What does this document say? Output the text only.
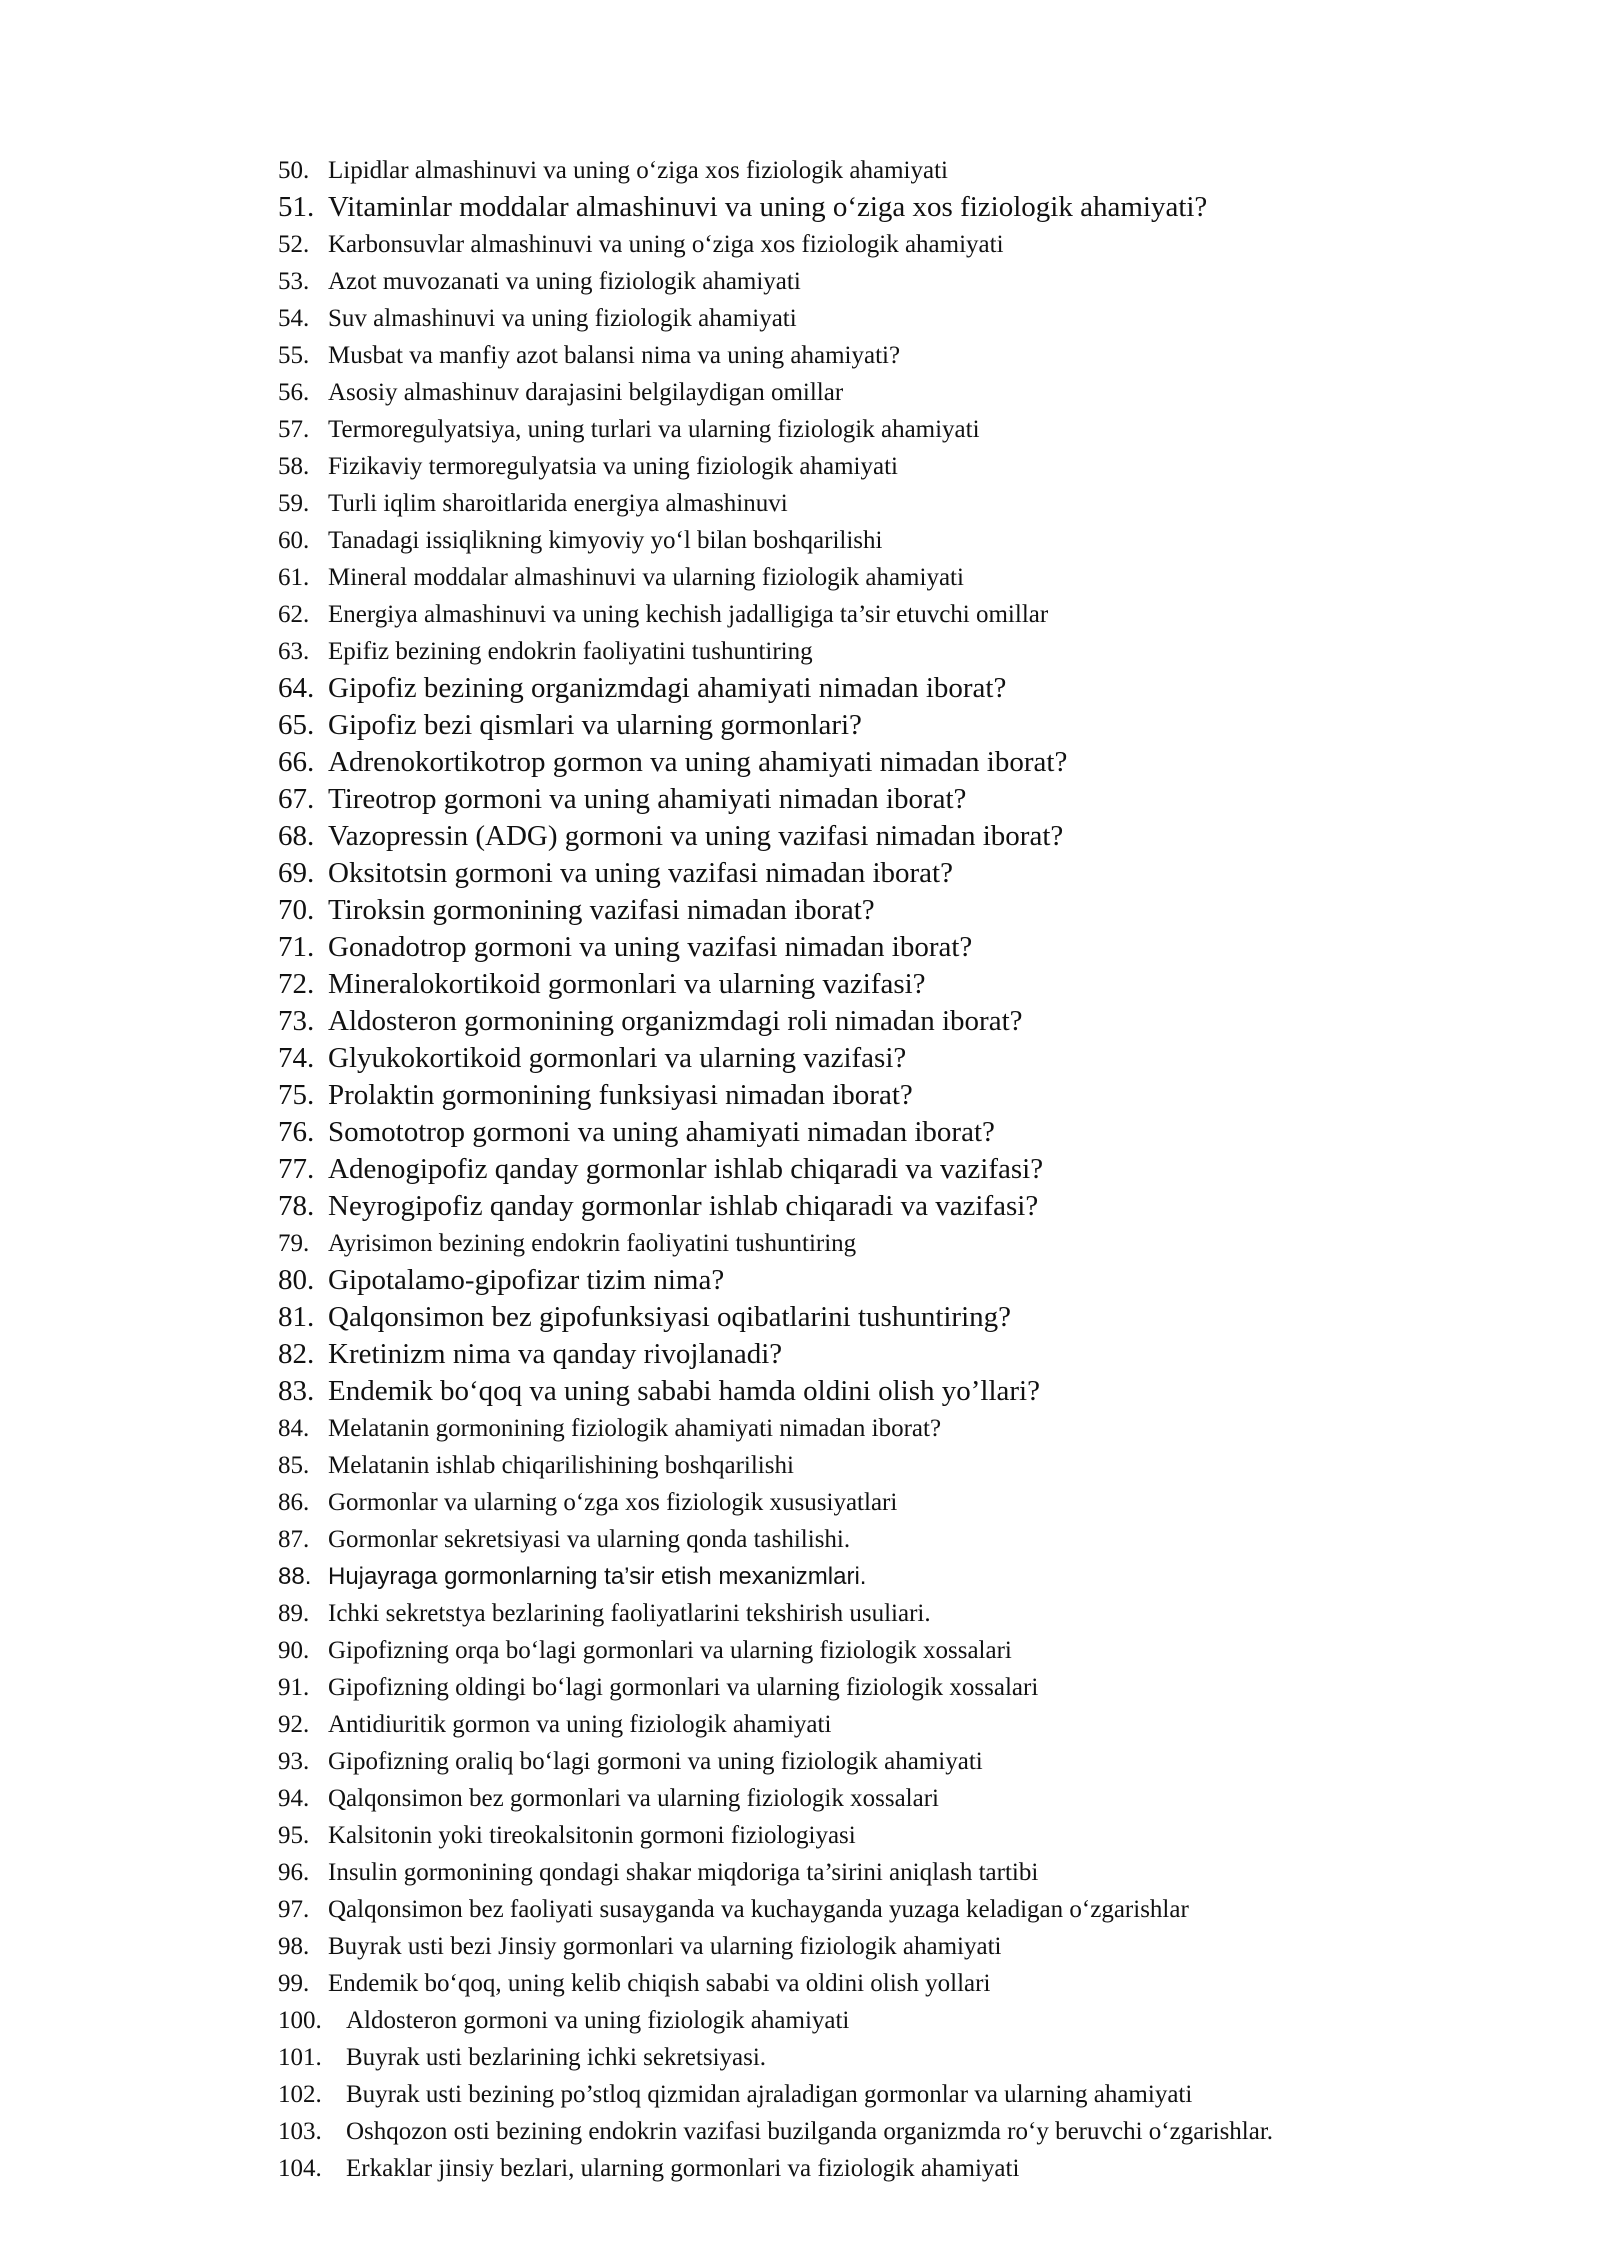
50. Lipidlar almashinuvi va uning o‘ziga xos fiziologik ahamiyati
51. Vitaminlar moddalar almashinuvi va uning o‘ziga xos fiziologik ahamiyati?
52. Karbonsuvlar almashinuvi va uning o‘ziga xos fiziologik ahamiyati
53. Azot muvozanati va uning fiziologik ahamiyati
54. Suv almashinuvi va uning fiziologik ahamiyati
55. Musbat va manfiy azot balansi nima va uning ahamiyati?
56. Asosiy almashinuv darajasini belgilaydigan omillar
57. Termoregulyatsiya, uning turlari va ularning fiziologik ahamiyati
58. Fizikaviy termoregulyatsia va uning fiziologik ahamiyati
59. Turli iqlim sharoitlarida energiya almashinuvi
60. Tanadagi issiqlikning kimyoviy yo‘l bilan boshqarilishi
61. Mineral moddalar almashinuvi va ularning fiziologik ahamiyati
62. Energiya almashinuvi va uning kechish jadalligiga ta’sir etuvchi omillar
63. Epifiz bezining endokrin faoliyatini tushuntiring
64. Gipofiz bezining organizmdagi ahamiyati nimadan iborat?
65. Gipofiz bezi qismlari va ularning gormonlari?
66. Adrenokortikotrop gormon va uning ahamiyati nimadan iborat?
67. Tireotrop gormoni va uning ahamiyati nimadan iborat?
68. Vazopressin (ADG) gormoni va uning vazifasi nimadan iborat?
69. Oksitotsin gormoni va uning vazifasi nimadan iborat?
70. Tiroksin gormonining vazifasi nimadan iborat?
71. Gonadotrop gormoni va uning vazifasi nimadan iborat?
72. Mineralokortikoid gormonlari va ularning vazifasi?
73. Aldosteron gormonining organizmdagi roli nimadan iborat?
74. Glyukokortikoid gormonlari va ularning vazifasi?
75. Prolaktin gormonining funksiyasi nimadan iborat?
76. Somototrop gormoni va uning ahamiyati nimadan iborat?
77. Adenogipofiz qanday gormonlar ishlab chiqaradi va vazifasi?
78. Neyrogipofiz qanday gormonlar ishlab chiqaradi va vazifasi?
79. Ayrisimon bezining endokrin faoliyatini tushuntiring
80. Gipotalamo-gipofizar tizim nima?
81. Qalqonsimon bez gipofunksiyasi oqibatlarini tushuntiring?
82. Kretinizm nima va qanday rivojlanadi?
83. Endemik bo‘qoq va uning sababi hamda oldini olish yo’llari?
84. Melatanin gormonining fiziologik ahamiyati nimadan iborat?
85. Melatanin ishlab chiqarilishining boshqarilishi
86. Gormonlar va ularning o‘zga xos fiziologik xususiyatlari
87. Gormonlar sekretsiyasi va ularning qonda tashilishi.
88. Hujayraga gormonlarning ta’sir etish mexanizmlari.
89. Ichki sekretstya bezlarining faoliyatlarini tekshirish usuliari.
90. Gipofizning orqa bo‘lagi gormonlari va ularning fiziologik xossalari
91. Gipofizning oldingi bo‘lagi gormonlari va ularning fiziologik xossalari
92. Antidiuritik gormon va uning fiziologik ahamiyati
93. Gipofizning oraliq bo‘lagi gormoni va uning fiziologik ahamiyati
94. Qalqonsimon bez gormonlari va ularning fiziologik xossalari
95. Kalsitonin yoki tireokalsitonin gormoni fiziologiyasi
96. Insulin gormonining qondagi shakar miqdoriga ta’sirini aniqlash tartibi
97. Qalqonsimon bez faoliyati susayganda va kuchayganda yuzaga keladigan o‘zgarishlar
98. Buyrak usti bezi Jinsiy gormonlari va ularning fiziologik ahamiyati
99. Endemik bo‘qoq, uning kelib chiqish sababi va oldini olish yollari
100. Aldosteron gormoni va uning fiziologik ahamiyati
101. Buyrak usti bezlarining ichki sekretsiyasi.
102. Buyrak usti bezining po’stloq qizmidan ajraladigan gormonlar va ularning ahamiyati
103. Oshqozon osti bezining endokrin vazifasi buzilganda organizmda ro‘y beruvchi o‘zgarishlar.
104. Erkaklar jinsiy bezlari, ularning gormonlari va fiziologik ahamiyati
